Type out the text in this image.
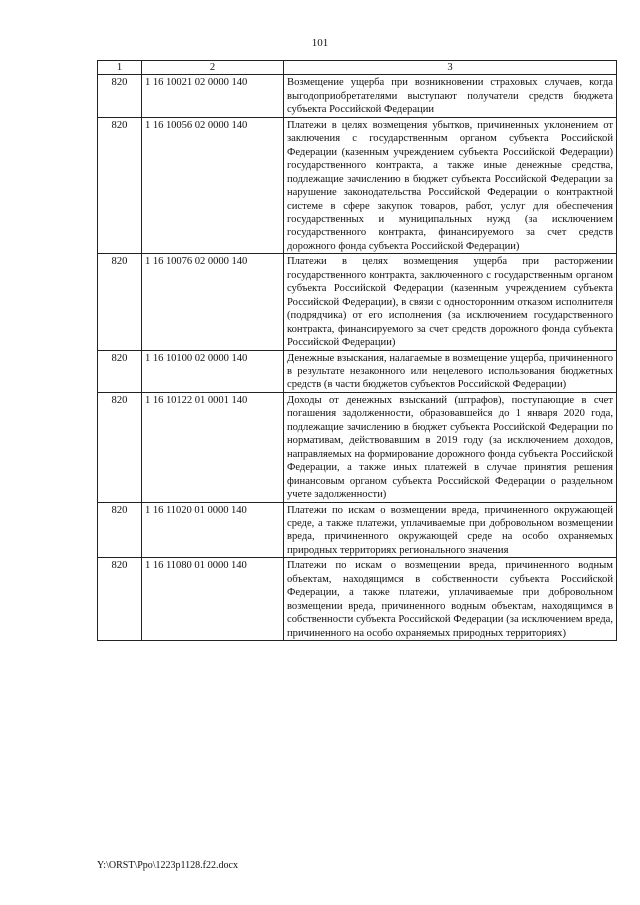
101
1	2	3
820	1 16 10021 02 0000 140	Возмещение ущерба при возникновении страховых случаев, когда выгодоприобретателями выступают получатели средств бюджета субъекта Российской Федерации
820	1 16 10056 02 0000 140	Платежи в целях возмещения убытков, причиненных уклонением от заключения с государственным органом субъекта Российской Федерации (казенным учреждением субъекта Российской Федерации) государственного контракта, а также иные денежные средства, подлежащие зачислению в бюджет субъекта Российской Федерации за нарушение законодательства Российской Федерации о контрактной системе в сфере закупок товаров, работ, услуг для обеспечения государственных и муниципальных нужд (за исключением государственного контракта, финансируемого за счет средств дорожного фонда субъекта Российской Федерации)
820	1 16 10076 02 0000 140	Платежи в целях возмещения ущерба при расторжении государственного контракта, заключенного с государственным органом субъекта Российской Федерации (казенным учреждением субъекта Российской Федерации), в связи с односторонним отказом исполнителя (подрядчика) от его исполнения (за исключением государственного контракта, финансируемого за счет средств дорожного фонда субъекта Российской Федерации)
820	1 16 10100 02 0000 140	Денежные взыскания, налагаемые в возмещение ущерба, причиненного в результате незаконного или нецелевого использования бюджетных средств (в части бюджетов субъектов Российской Федерации)
820	1 16 10122 01 0001 140	Доходы от денежных взысканий (штрафов), поступающие в счет погашения задолженности, образовавшейся до 1 января 2020 года, подлежащие зачислению в бюджет субъекта Российской Федерации по нормативам, действовавшим в 2019 году (за исключением доходов, направляемых на формирование дорожного фонда субъекта Российской Федерации, а также иных платежей в случае принятия решения финансовым органом субъекта Российской Федерации о раздельном учете задолженности)
820	1 16 11020 01 0000 140	Платежи по искам о возмещении вреда, причиненного окружающей среде, а также платежи, уплачиваемые при добровольном возмещении вреда, причиненного окружающей среде на особо охраняемых природных территориях регионального значения
820	1 16 11080 01 0000 140	Платежи по искам о возмещении вреда, причиненного водным объектам, находящимся в собственности субъекта Российской Федерации, а также платежи, уплачиваемые при добровольном возмещении вреда, причиненного водным объектам, находящимся в собственности субъекта Российской Федерации (за исключением вреда, причиненного на особо охраняемых природных территориях)
Y:\ORST\Ppo\1223p1128.f22.docx
